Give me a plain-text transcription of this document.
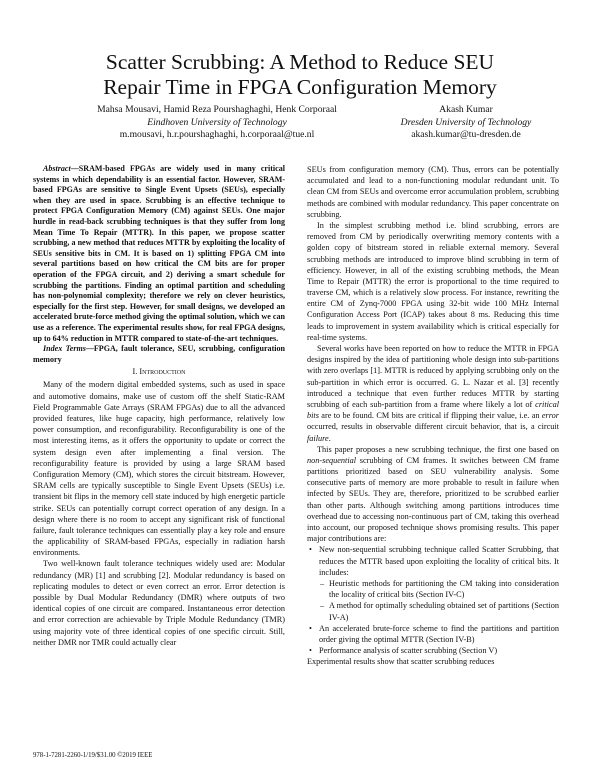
Scatter Scrubbing: A Method to Reduce SEU
Repair Time in FPGA Configuration Memory
Mahsa Mousavi, Hamid Reza Pourshaghaghi, Henk Corporaal
Eindhoven University of Technology
m.mousavi, h.r.pourshaghaghi, h.corporaal@tue.nl
Akash Kumar
Dresden University of Technology
akash.kumar@tu-dresden.de

Abstract—SRAM-based FPGAs are widely used in many critical systems in which dependability is an essential factor. However, SRAM-based FPGAs are sensitive to Single Event Upsets (SEUs), especially when they are used in space. Scrubbing is an effective technique to protect FPGA Configuration Memory (CM) against SEUs. One major hurdle in read-back scrubbing techniques is that they suffer from long Mean Time To Repair (MTTR). In this paper, we propose scatter scrubbing, a new method that reduces MTTR by exploiting the locality of SEUs sensitive bits in CM. It is based on 1) splitting FPGA CM into several partitions based on how critical the CM bits are for proper operation of the FPGA circuit, and 2) deriving a smart schedule for scrubbing the partitions. Finding an optimal partition and scheduling has non-polynomial complexity; therefore we rely on clever heuristics, especially for the first step. However, for small designs, we developed an accelerated brute-force method giving the optimal solution, which we can use as a reference. The experimental results show, for real FPGA designs, up to 64% reduction in MTTR compared to state-of-the-art techniques.

Index Terms—FPGA, fault tolerance, SEU, scrubbing, configuration memory

I. Introduction

Many of the modern digital embedded systems, such as used in space and automotive domains, make use of custom off the shelf Static-RAM Field Programmable Gate Arrays (SRAM FPGAs) due to all the advanced provided features, like huge capacity, high performance, relatively low power consumption, and reconfigurability. Reconfigurability is one of the most interesting items, as it offers the opportunity to update or correct the system design even after implementing a final version. The reconfigurability feature is provided by using a large SRAM based Configuration Memory (CM), which stores the circuit bitstream. However, SRAM cells are typically susceptible to Single Event Upsets (SEUs) i.e. transient bit flips in the memory cell state induced by high energetic particle strike. SEUs can potentially corrupt correct operation of any design. In a design where there is no room to accept any significant risk of functional failure, fault tolerance techniques can essentially play a key role and ensure the applicability of SRAM-based FPGAs, especially in radiation harsh environments.

Two well-known fault tolerance techniques widely used are: Modular redundancy (MR) [1] and scrubbing [2]. Modular redundancy is based on replicating modules to detect or even correct an error. Error detection is possible by Dual Modular Redundancy (DMR) where outputs of two identical copies of one circuit are compared. Instantaneous error detection and error correction are achievable by Triple Module Redundancy (TMR) using majority vote of three identical copies of one specific circuit. Still, neither DMR nor TMR could actually clear

SEUs from configuration memory (CM). Thus, errors can be potentially accumulated and lead to a non-functioning modular redundant unit. To clean CM from SEUs and overcome error accumulation problem, scrubbing methods are combined with modular redundancy. This paper concentrate on scrubbing.

In the simplest scrubbing method i.e. blind scrubbing, errors are removed from CM by periodically overwriting memory contents with a golden copy of bitstream stored in reliable external memory. Several scrubbing methods are introduced to improve blind scrubbing in term of efficiency. However, in all of the existing scrubbing methods, the Mean Time to Repair (MTTR) the error is proportional to the time required to traverse CM, which is a relatively slow process. For instance, rewriting the entire CM of Zynq-7000 FPGA using 32-bit wide 100 MHz Internal Configuration Access Port (ICAP) takes about 8 ms. Reducing this time leads to improvement in system availability which is critical especially for real-time systems.

Several works have been reported on how to reduce the MTTR in FPGA designs inspired by the idea of partitioning whole design into sub-partitions with zero overlaps [1]. MTTR is reduced by applying scrubbing only on the sub-partition in which error is occurred. G. L. Nazar et al. [3] recently introduced a technique that even further reduces MTTR by starting scrubbing of each sub-partition from a frame where likely a lot of critical bits are to be found. CM bits are critical if flipping their value, i.e. an error occurred, results in observable different circuit behavior, that is, a circuit failure.

This paper proposes a new scrubbing technique, the first one based on non-sequential scrubbing of CM frames. It switches between CM frame partitions prioritized based on SEU vulnerability analysis. Some consecutive parts of memory are more probable to result in failure when infected by SEUs. They are, therefore, prioritized to be scrubbed earlier than other parts. Although switching among partitions introduces time overhead due to accessing non-continuous part of CM, taking this overhead into account, our proposed technique shows promising results. This paper major contributions are:

• New non-sequential scrubbing technique called Scatter Scrubbing, that reduces the MTTR based upon exploiting the locality of critical bits. It includes:
– Heuristic methods for partitioning the CM taking into consideration the locality of critical bits (Section IV-C)
– A method for optimally scheduling obtained set of partitions (Section IV-A)
• An accelerated brute-force scheme to find the partitions and partition order giving the optimal MTTR (Section IV-B)
• Performance analysis of scatter scrubbing (Section V)

Experimental results show that scatter scrubbing reduces

978-1-7281-2260-1/19/$31.00 ©2019 IEEE
